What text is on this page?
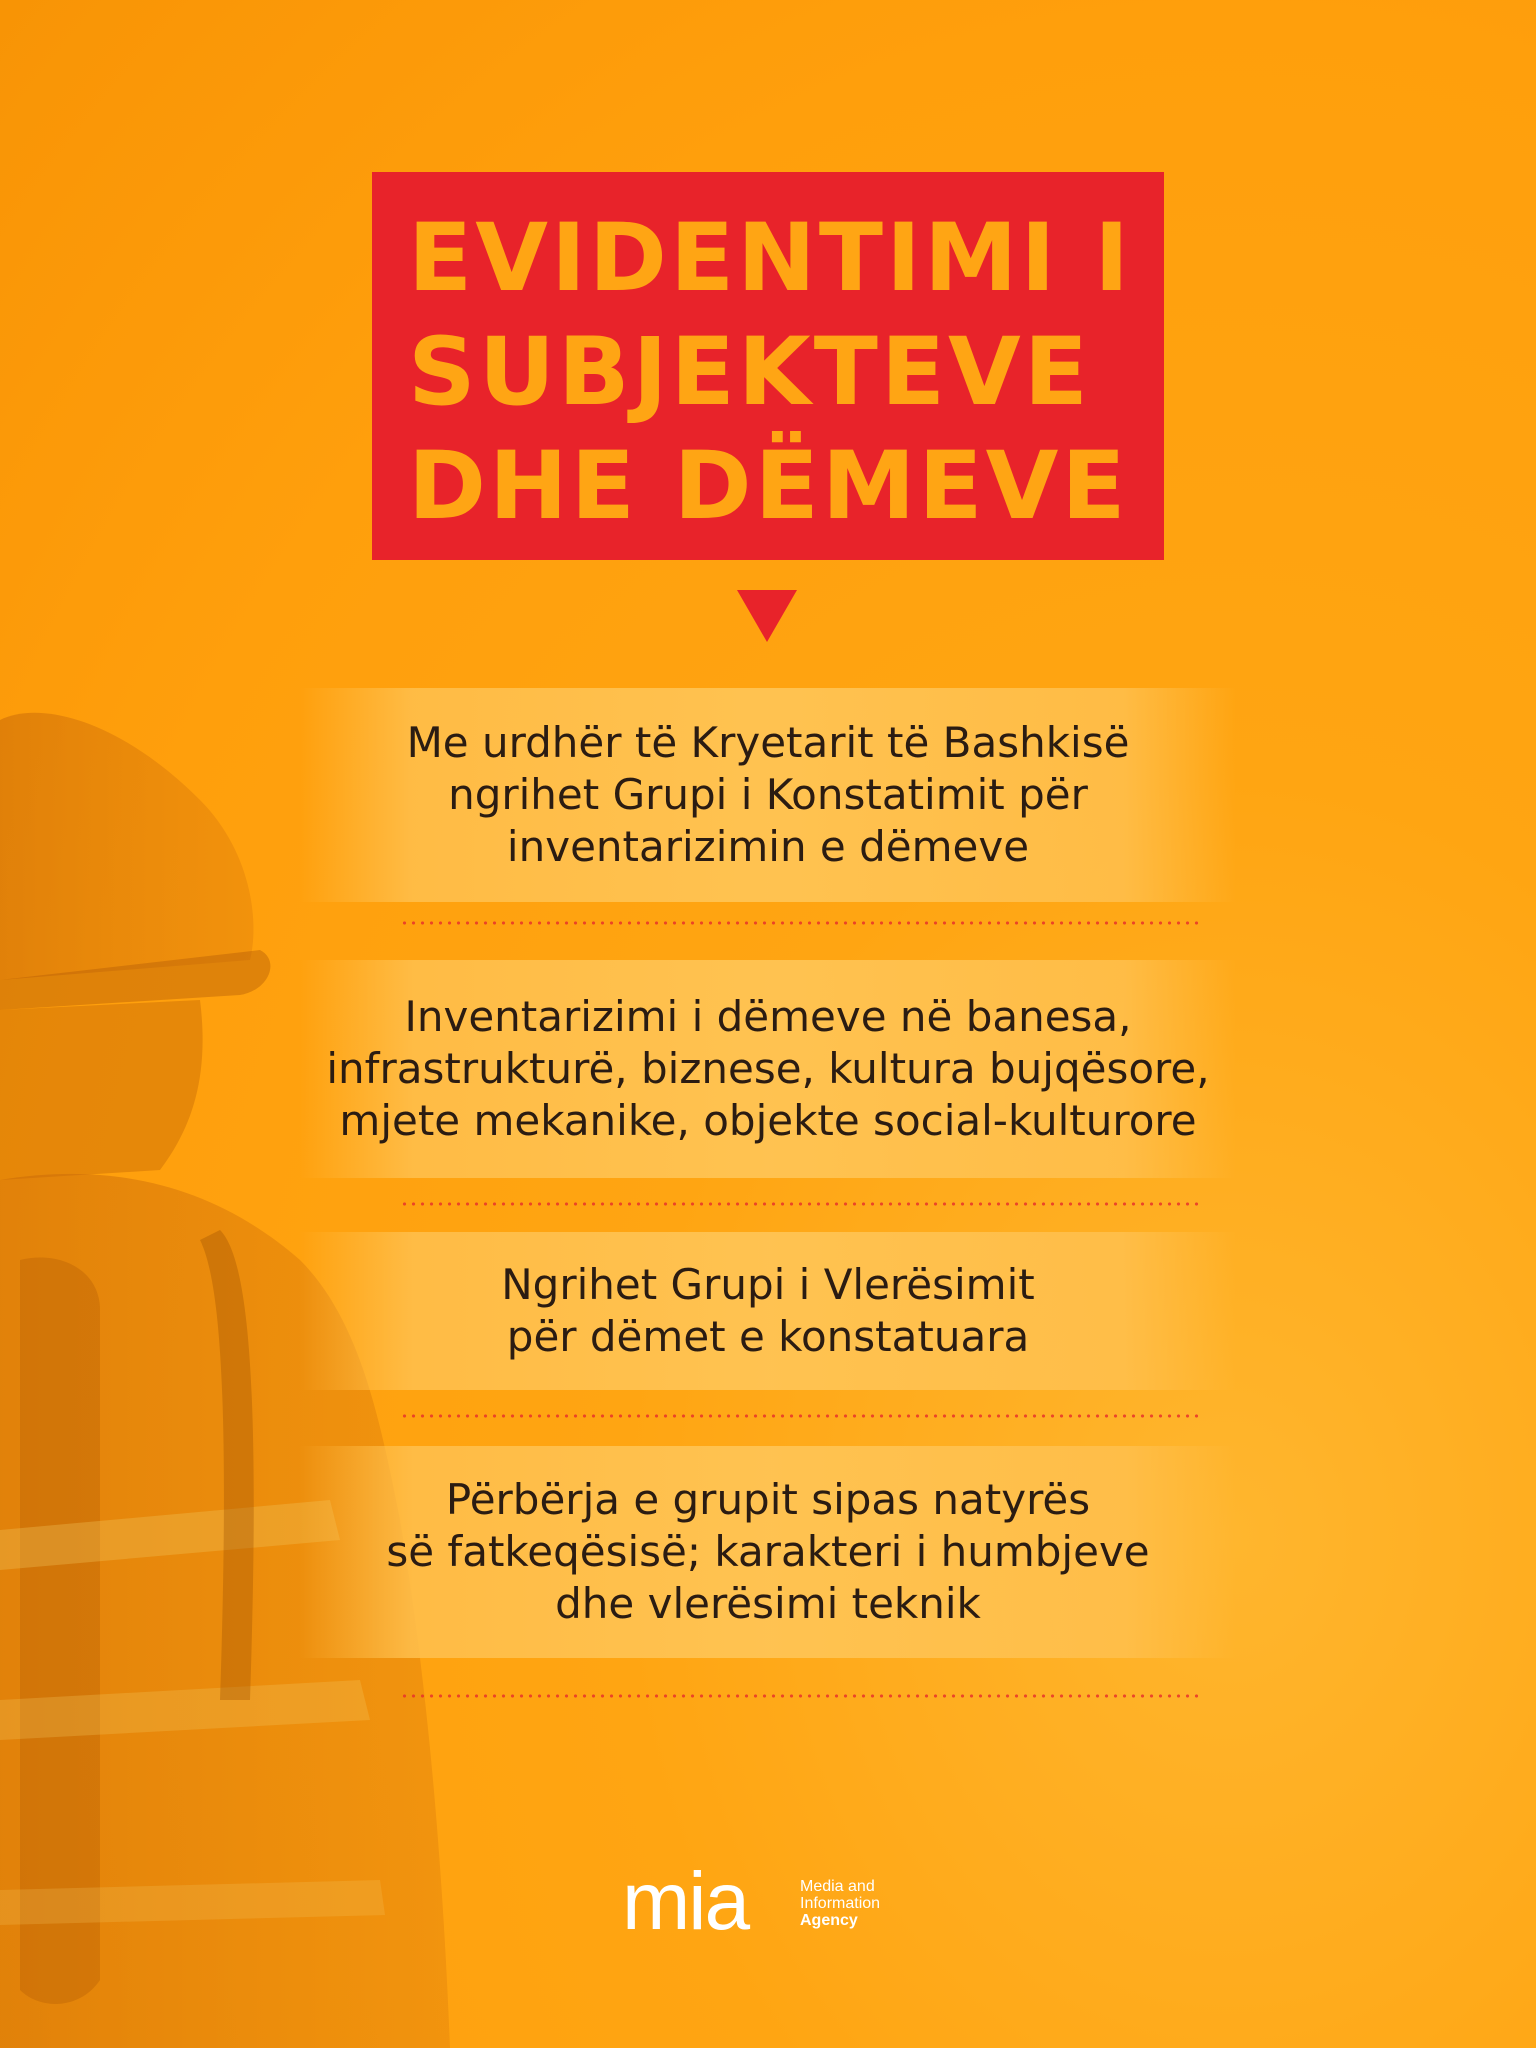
EVIDENTIMI I
SUBJEKTEVE
DHE DËMEVE
Me urdhër të Kryetarit të Bashkisë
ngrihet Grupi i Konstatimit për
inventarizimin e dëmeve
Inventarizimi i dëmeve në banesa,
infrastrukturë, biznese, kultura bujqësore,
mjete mekanike, objekte social-kulturore
Ngrihet Grupi i Vlerësimit
për dëmet e konstatuara
Përbërja e grupit sipas natyrës
së fatkeqësisë; karakteri i humbjeve
dhe vlerësimi teknik
mia	Media and
Information
Agency
